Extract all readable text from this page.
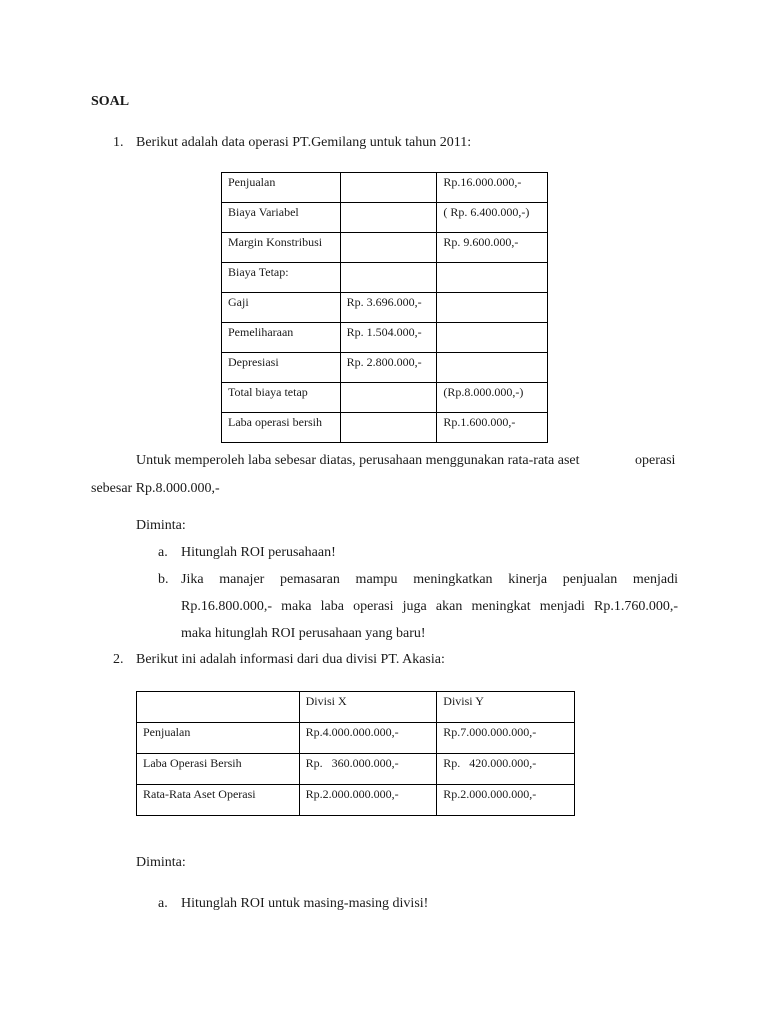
SOAL
1. Berikut adalah data operasi PT.Gemilang untuk tahun 2011:
Penjualan		Rp.16.000.000,-
Biaya Variabel		( Rp. 6.400.000,-)
Margin Konstribusi		Rp. 9.600.000,-
Biaya Tetap:		
Gaji	Rp. 3.696.000,-	
Pemeliharaan	Rp. 1.504.000,-	
Depresiasi	Rp. 2.800.000,-	
Total biaya tetap		(Rp.8.000.000,-)
Laba operasi bersih		Rp.1.600.000,-
Untuk memperoleh laba sebesar diatas, perusahaan menggunakan rata-rata aset	operasi
sebesar Rp.8.000.000,-
Diminta:
a. Hitunglah ROI perusahaan!
b. Jika manajer pemasaran mampu meningkatkan kinerja penjualan menjadi
Rp.16.800.000,- maka laba operasi juga akan meningkat menjadi Rp.1.760.000,-
maka hitunglah ROI perusahaan yang baru!
2. Berikut ini adalah informasi dari dua divisi PT. Akasia:
	Divisi X	Divisi Y
Penjualan	Rp.4.000.000.000,-	Rp.7.000.000.000,-
Laba Operasi Bersih	Rp.   360.000.000,-	Rp.   420.000.000,-
Rata-Rata Aset Operasi	Rp.2.000.000.000,-	Rp.2.000.000.000,-
Diminta:
a. Hitunglah ROI untuk masing-masing divisi!
